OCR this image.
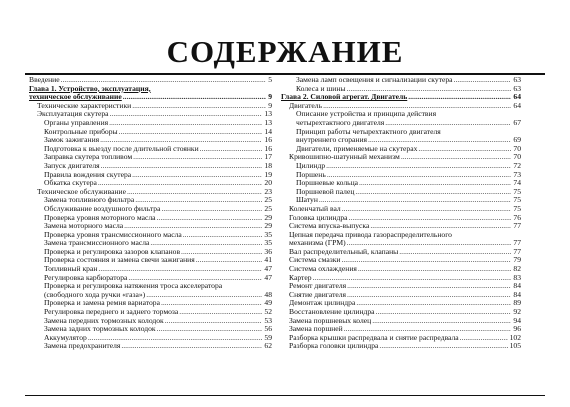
СОДЕРЖАНИЕ
Введение .....	5
Глава 1. Устройство, эксплуатация,
техническое обслуживание .....	9
Технические характеристики .....	9
Эксплуатация скутера .....	13
Органы управления .....	13
Контрольные приборы .....	14
Замок зажигания .....	16
Подготовка к выезду после длительной стоянки .....	16
Заправка скутера топливом .....	17
Запуск двигателя .....	18
Правила вождения скутера .....	19
Обкатка скутера .....	20
Техническое обслуживание .....	23
Замена топливного фильтра .....	25
Обслуживание воздушного фильтра .....	25
Проверка уровня моторного масла .....	29
Замена моторного масла .....	29
Проверка уровня трансмиссионного масла .....	35
Замена трансмиссионного масла .....	35
Проверка и регулировка зазоров клапанов .....	36
Проверка состояния и замена свечи зажигания .....	41
Топливный кран .....	47
Регулировка карбюратора .....	47
Проверка и регулировка натяжения троса акселератора
(свободного хода ручки «газа») .....	48
Проверка и замена ремня вариатора .....	49
Регулировка переднего и заднего тормоза .....	52
Замена передних тормозных колодок .....	53
Замена задних тормозных колодок .....	56
Аккумулятор .....	59
Замена предохранителя .....	62
Замена ламп освещения и сигнализации скутера .....	63
Колеса и шины .....	63
Глава 2. Силовой агрегат. Двигатель .....	64
Двигатель .....	64
Описание устройства и принципа действия
четырехтактного двигателя .....	67
Принцип работы четырехтактного двигателя
внутреннего сгорания .....	69
Двигатели, применяемые на скутерах .....	70
Кривошипно-шатунный механизм .....	70
Цилиндр .....	72
Поршень .....	73
Поршневые кольца .....	74
Поршневой палец .....	75
Шатун .....	75
Коленчатый вал .....	75
Головка цилиндра .....	76
Система впуска-выпуска .....	77
Цепная передача привода газораспределительного
механизма (ГРМ) .....	77
Вал распределительный, клапаны .....	77
Система смазки .....	79
Система охлаждения .....	82
Картер .....	83
Ремонт двигателя .....	84
Снятие двигателя .....	84
Демонтаж цилиндра .....	89
Восстановление цилиндра .....	92
Замена поршневых колец .....	94
Замена поршней .....	96
Разборка крышки распредвала и снятие распредвала .....	102
Разборка головки цилиндра .....	105
